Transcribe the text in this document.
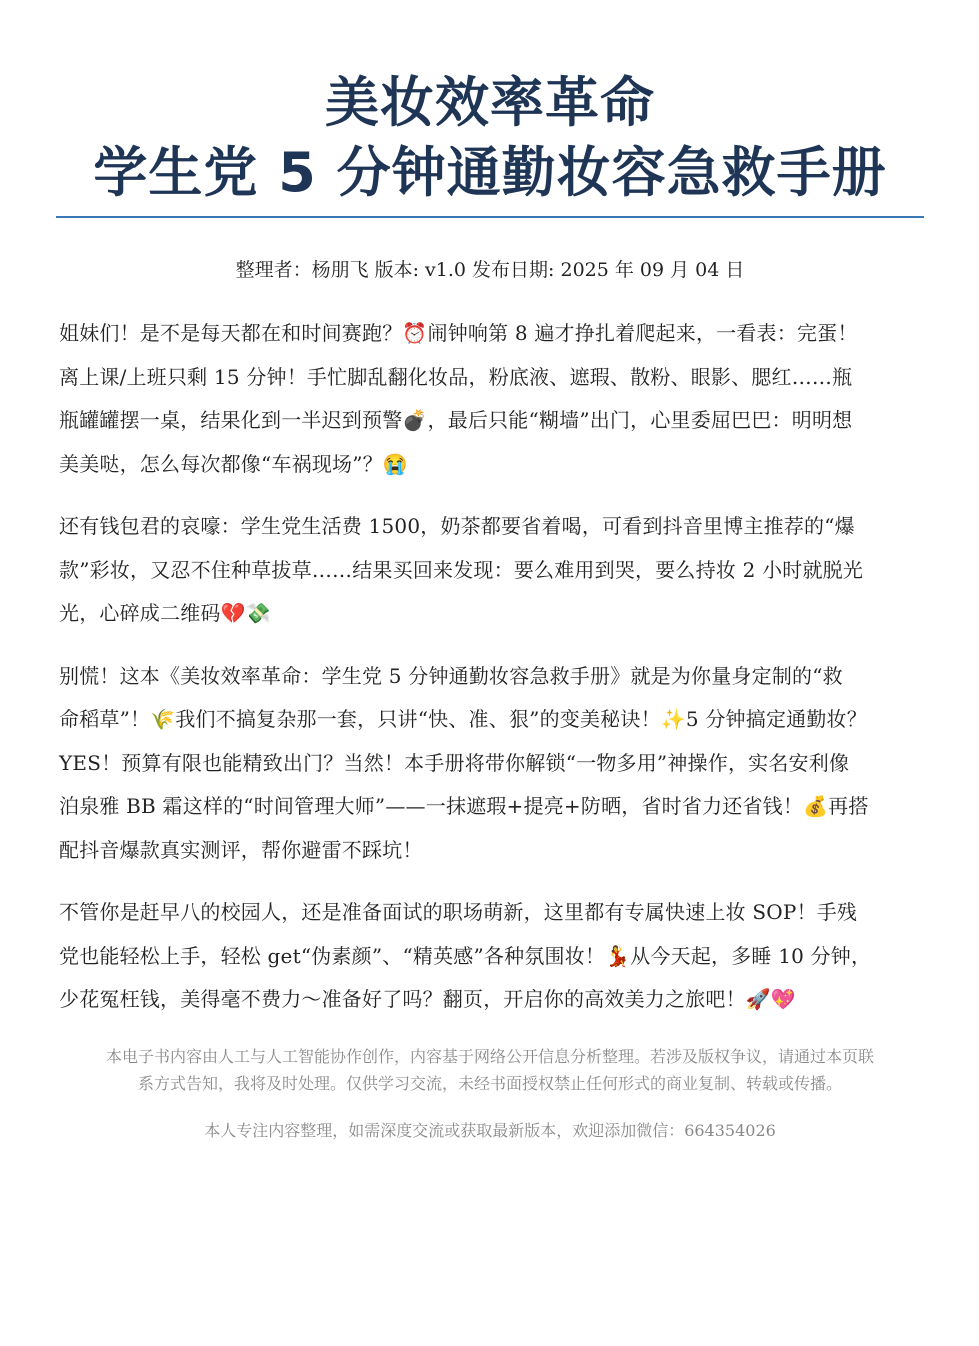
美妆效率革命
学生党 5 分钟通勤妆容急救手册
整理者：杨朋飞 版本: v1.0 发布日期: 2025 年 09 月 04 日

姐妹们！是不是每天都在和时间赛跑？⏰闹钟响第 8 遍才挣扎着爬起来，一看表：完蛋！
离上课/上班只剩 15 分钟！手忙脚乱翻化妆品，粉底液、遮瑕、散粉、眼影、腮红……瓶
瓶罐罐摆一桌，结果化到一半迟到预警💣，最后只能“糊墙”出门，心里委屈巴巴：明明想
美美哒，怎么每次都像“车祸现场”？😭

还有钱包君的哀嚎：学生党生活费 1500，奶茶都要省着喝，可看到抖音里博主推荐的“爆
款”彩妆，又忍不住种草拔草……结果买回来发现：要么难用到哭，要么持妆 2 小时就脱光
光，心碎成二维码💔💸

别慌！这本《美妆效率革命：学生党 5 分钟通勤妆容急救手册》就是为你量身定制的“救
命稻草”！🌾我们不搞复杂那一套，只讲“快、准、狠”的变美秘诀！✨5 分钟搞定通勤妆？
YES！预算有限也能精致出门？当然！本手册将带你解锁“一物多用”神操作，实名安利像
泊泉雅 BB 霜这样的“时间管理大师”——一抹遮瑕+提亮+防晒，省时省力还省钱！💰再搭
配抖音爆款真实测评，帮你避雷不踩坑！

不管你是赶早八的校园人，还是准备面试的职场萌新，这里都有专属快速上妆 SOP！手残
党也能轻松上手，轻松 get“伪素颜”、“精英感”各种氛围妆！💃从今天起，多睡 10 分钟，
少花冤枉钱，美得毫不费力～准备好了吗？翻页，开启你的高效美力之旅吧！🚀💖

本电子书内容由人工与人工智能协作创作，内容基于网络公开信息分析整理。若涉及版权争议，请通过本页联
系方式告知，我将及时处理。仅供学习交流，未经书面授权禁止任何形式的商业复制、转载或传播。
本人专注内容整理，如需深度交流或获取最新版本，欢迎添加微信：664354026
